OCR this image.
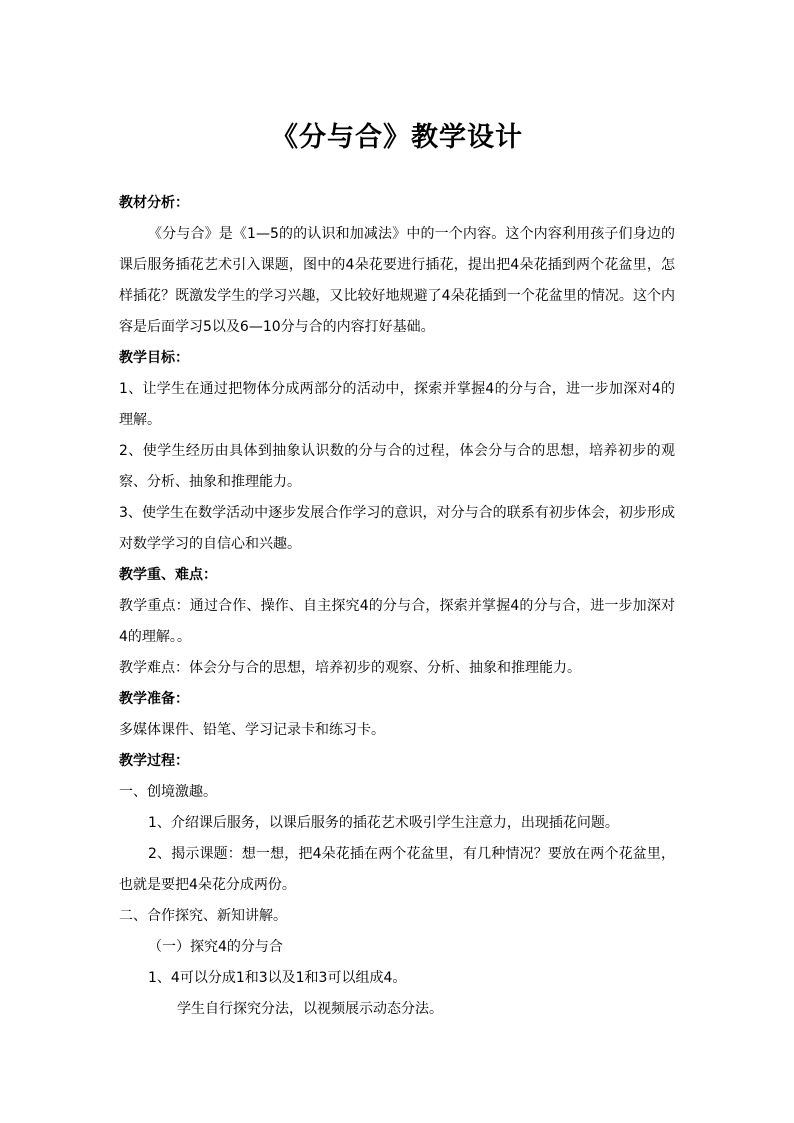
《分与合》教学设计

教材分析：

《分与合》是《1—5的的认识和加减法》中的一个内容。这个内容利用孩子们身边的课后服务插花艺术引入课题，图中的4朵花要进行插花，提出把4朵花插到两个花盆里，怎样插花？既激发学生的学习兴趣，又比较好地规避了4朵花插到一个花盆里的情况。这个内容是后面学习5以及6—10分与合的内容打好基础。

教学目标：

1、让学生在通过把物体分成两部分的活动中，探索并掌握4的分与合，进一步加深对4的理解。

2、使学生经历由具体到抽象认识数的分与合的过程，体会分与合的思想，培养初步的观察、分析、抽象和推理能力。

3、使学生在数学活动中逐步发展合作学习的意识，对分与合的联系有初步体会，初步形成对数学学习的自信心和兴趣。

教学重、难点：

教学重点：通过合作、操作、自主探究4的分与合，探索并掌握4的分与合，进一步加深对4的理解。。

教学难点：体会分与合的思想，培养初步的观察、分析、抽象和推理能力。

教学准备：

多媒体课件、铅笔、学习记录卡和练习卡。

教学过程：

一、创境激趣。

1、介绍课后服务，以课后服务的插花艺术吸引学生注意力，出现插花问题。

2、揭示课题：想一想，把4朵花插在两个花盆里，有几种情况？要放在两个花盆里，也就是要把4朵花分成两份。

二、合作探究、新知讲解。

（一）探究4的分与合

1、4可以分成1和3以及1和3可以组成4。

学生自行探究分法，以视频展示动态分法。
